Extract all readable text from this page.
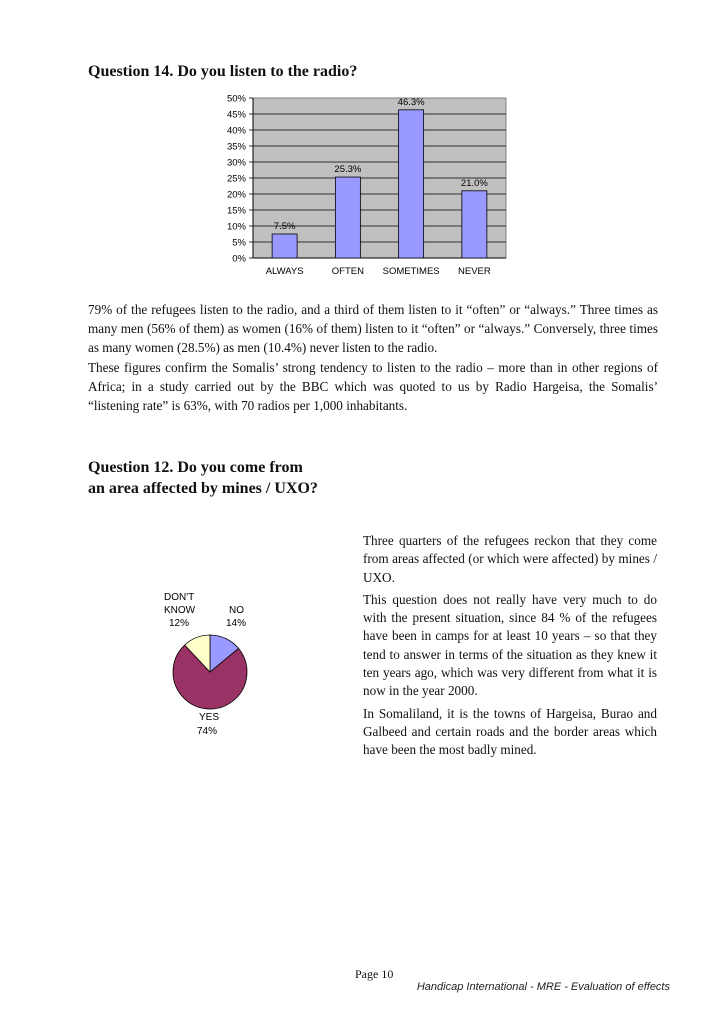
Question 14. Do you listen to the radio?
0%
5%
10%
15%
20%
25%
30%
35%
40%
45%
50%
ALWAYS	OFTEN SOMETIMES NEVER
7.5%
25.3%
46.3%
21.0%

79% of the refugees listen to the radio, and a third of them listen to it “often” or “always.” Three times as many men (56% of them) as women (16% of them) listen to it “often” or “always.” Conversely, three times as many women (28.5%) as men (10.4%) never listen to the radio.

These figures confirm the Somalis’ strong tendency to listen to the radio – more than in other regions of Africa; in a study carried out by the BBC which was quoted to us by Radio Hargeisa, the Somalis’ “listening rate” is 63%, with 70 radios per 1,000 inhabitants.

Question 12. Do you come from
an area affected by mines / UXO?
DON'T
KNOW
12%
NO
14%
YES
74%

Three quarters of the refugees reckon that they come from areas affected (or which were affected) by mines / UXO.

This question does not really have very much to do with the present situation, since 84 % of the refugees have been in camps for at least 10 years – so that they tend to answer in terms of the situation as they knew it ten years ago, which was very different from what it is now in the year 2000.

In Somaliland, it is the towns of Hargeisa, Burao and Galbeed and certain roads and the border areas which have been the most badly mined.

Page 10
Handicap International - MRE - Evaluation of effects
